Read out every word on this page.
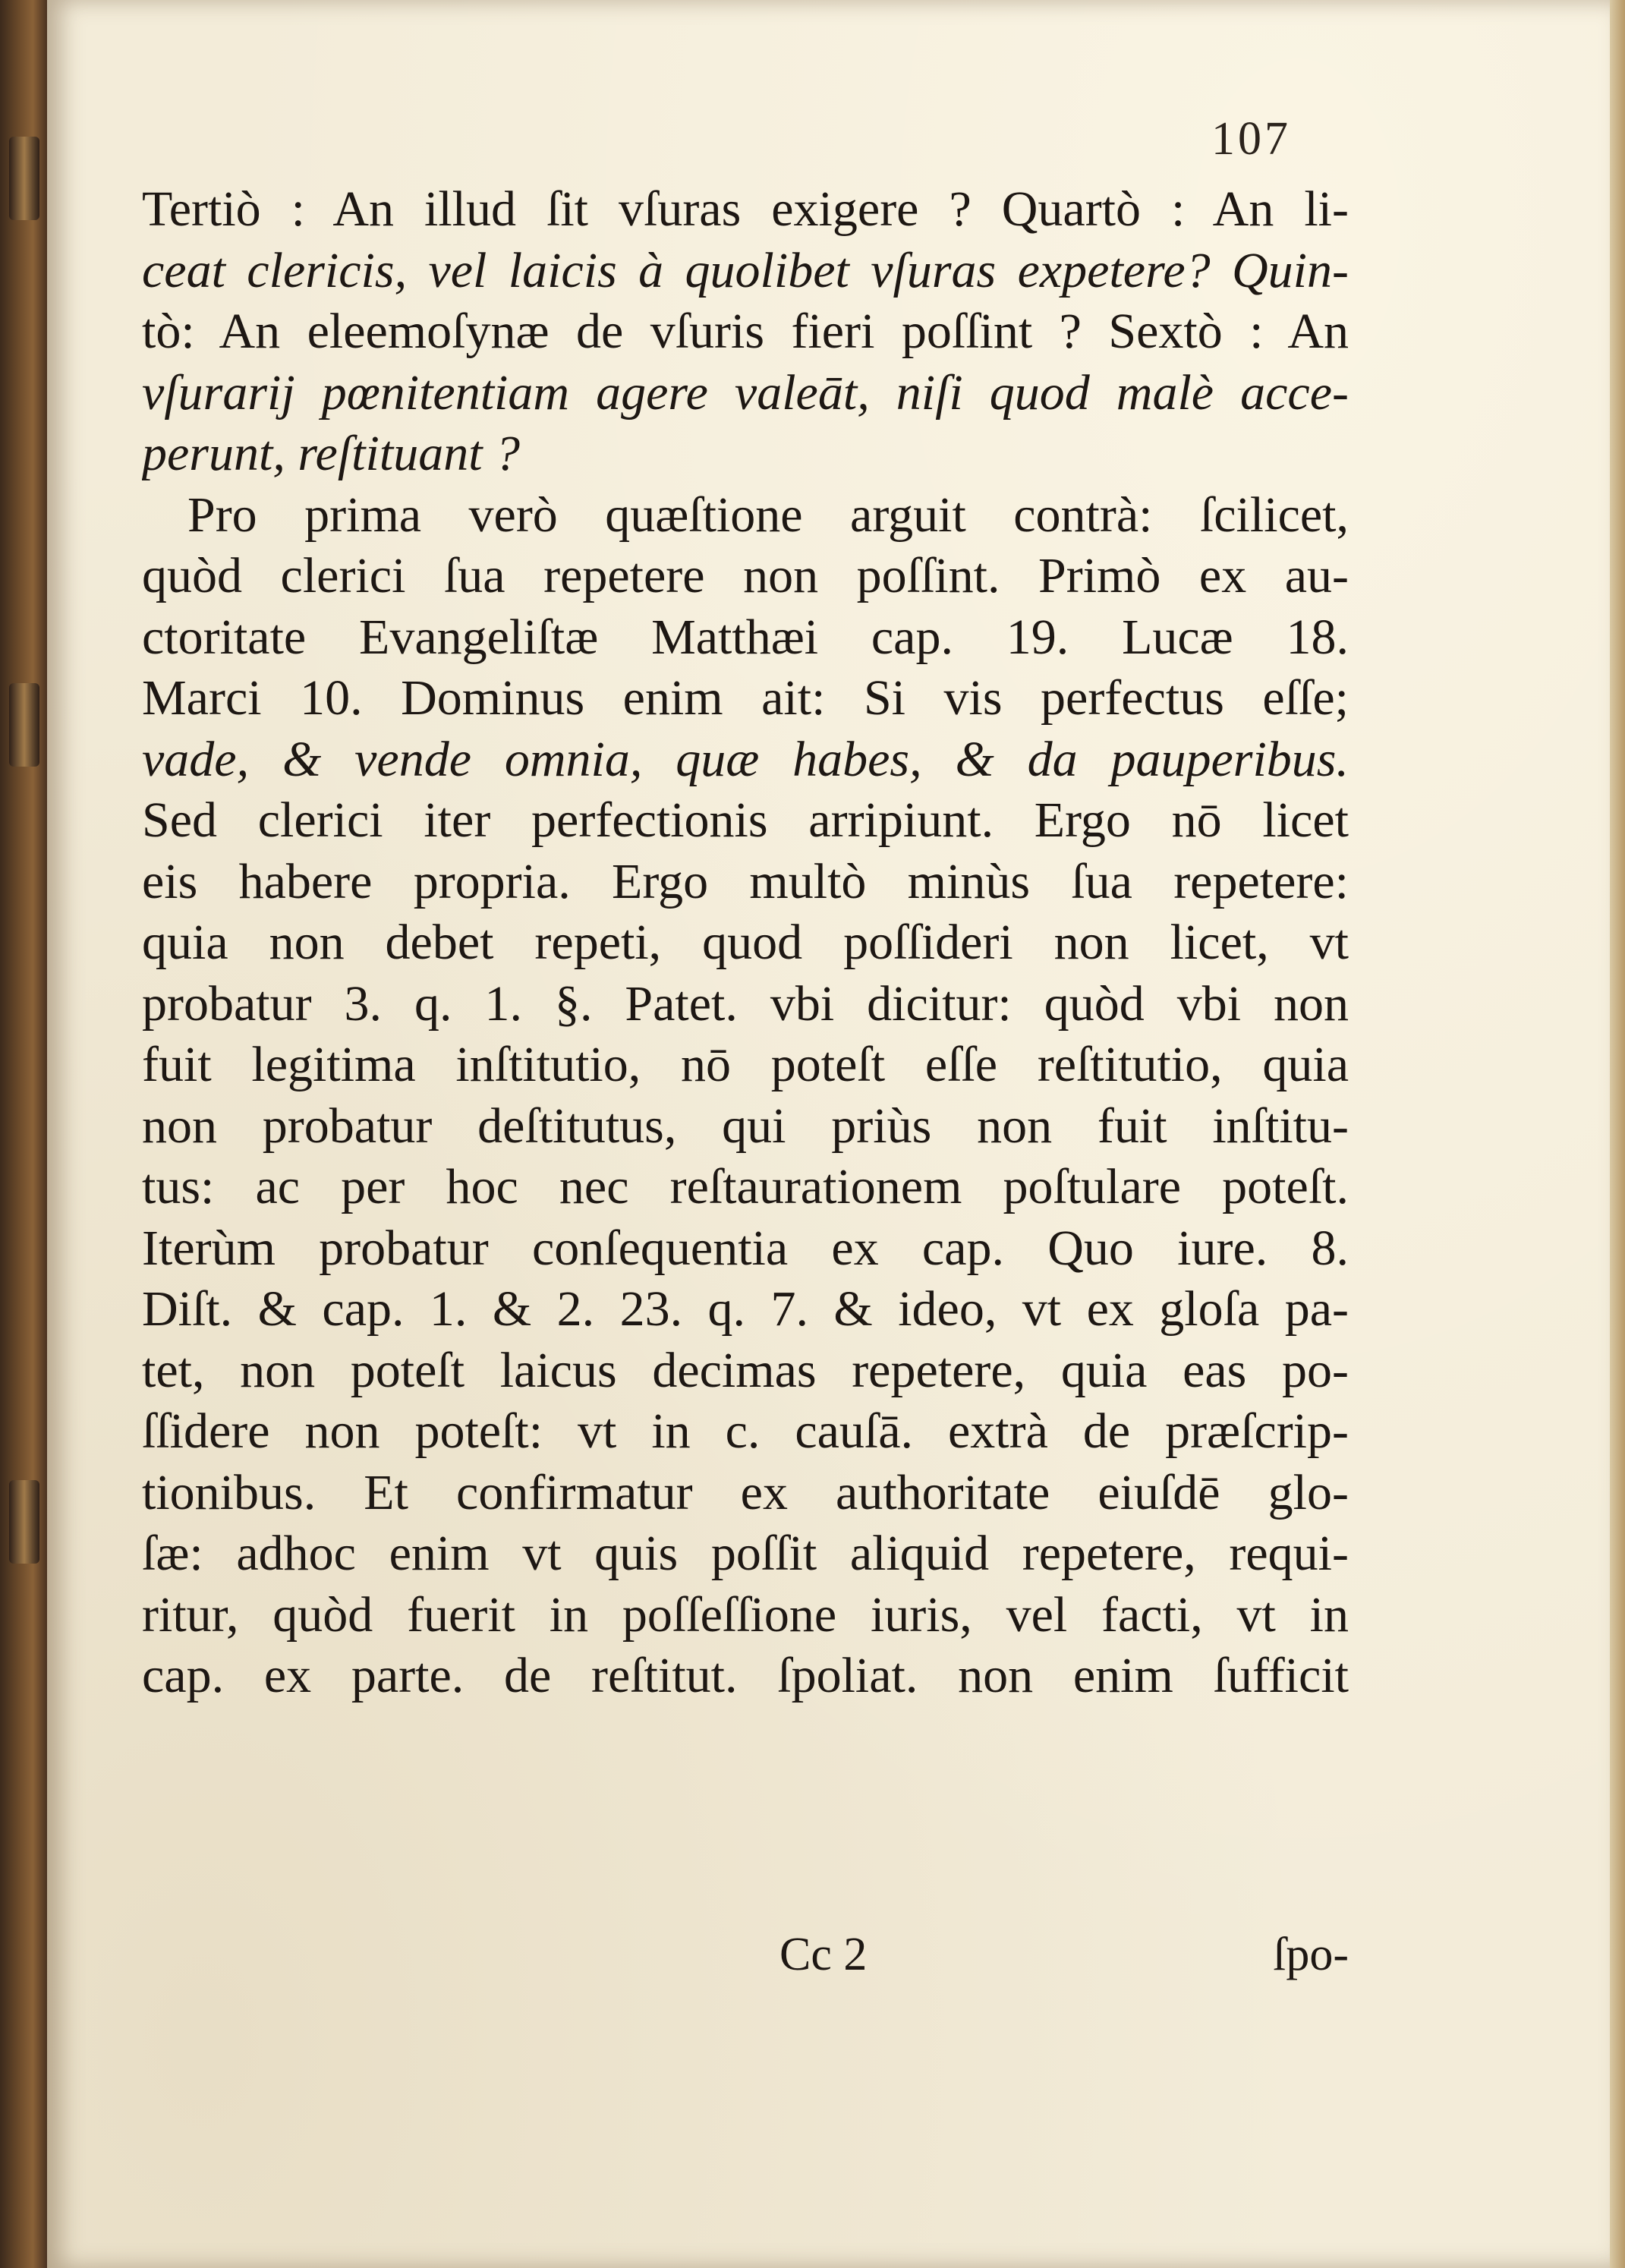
107
Tertiò : An illud ſit vſuras exigere ? Quartò : An li-
ceat clericis, vel laicis à quolibet vſuras expetere? Quin-
tò: An eleemoſynæ de vſuris fieri poſſint ? Sextò : An
vſurarij pœnitentiam agere valeāt, niſi quod malè acce-
perunt, reſtituant ?
Pro prima verò quæſtione arguit contrà: ſcilicet,
quòd clerici ſua repetere non poſſint. Primò ex au-
ctoritate Evangeliſtæ Matthæi cap. 19. Lucæ 18.
Marci 10. Dominus enim ait: Si vis perfectus eſſe;
vade, & vende omnia, quæ habes, & da pauperibus.
Sed clerici iter perfectionis arripiunt. Ergo nō licet
eis habere propria. Ergo multò minùs ſua repetere:
quia non debet repeti, quod poſſideri non licet, vt
probatur 3. q. 1. §. Patet. vbi dicitur: quòd vbi non
fuit legitima inſtitutio, nō poteſt eſſe reſtitutio, quia
non probatur deſtitutus, qui priùs non fuit inſtitu-
tus: ac per hoc nec reſtaurationem poſtulare poteſt.
Iterùm probatur conſequentia ex cap. Quo iure. 8.
Diſt. & cap. 1. & 2. 23. q. 7. & ideo, vt ex gloſa pa-
tet, non poteſt laicus decimas repetere, quia eas po-
ſſidere non poteſt: vt in c. cauſā. extrà de præſcrip-
tionibus. Et confirmatur ex authoritate eiuſdē glo-
ſæ: adhoc enim vt quis poſſit aliquid repetere, requi-
ritur, quòd fuerit in poſſeſſione iuris, vel facti, vt in
cap. ex parte. de reſtitut. ſpoliat. non enim ſufficit
Cc 2	ſpo-
